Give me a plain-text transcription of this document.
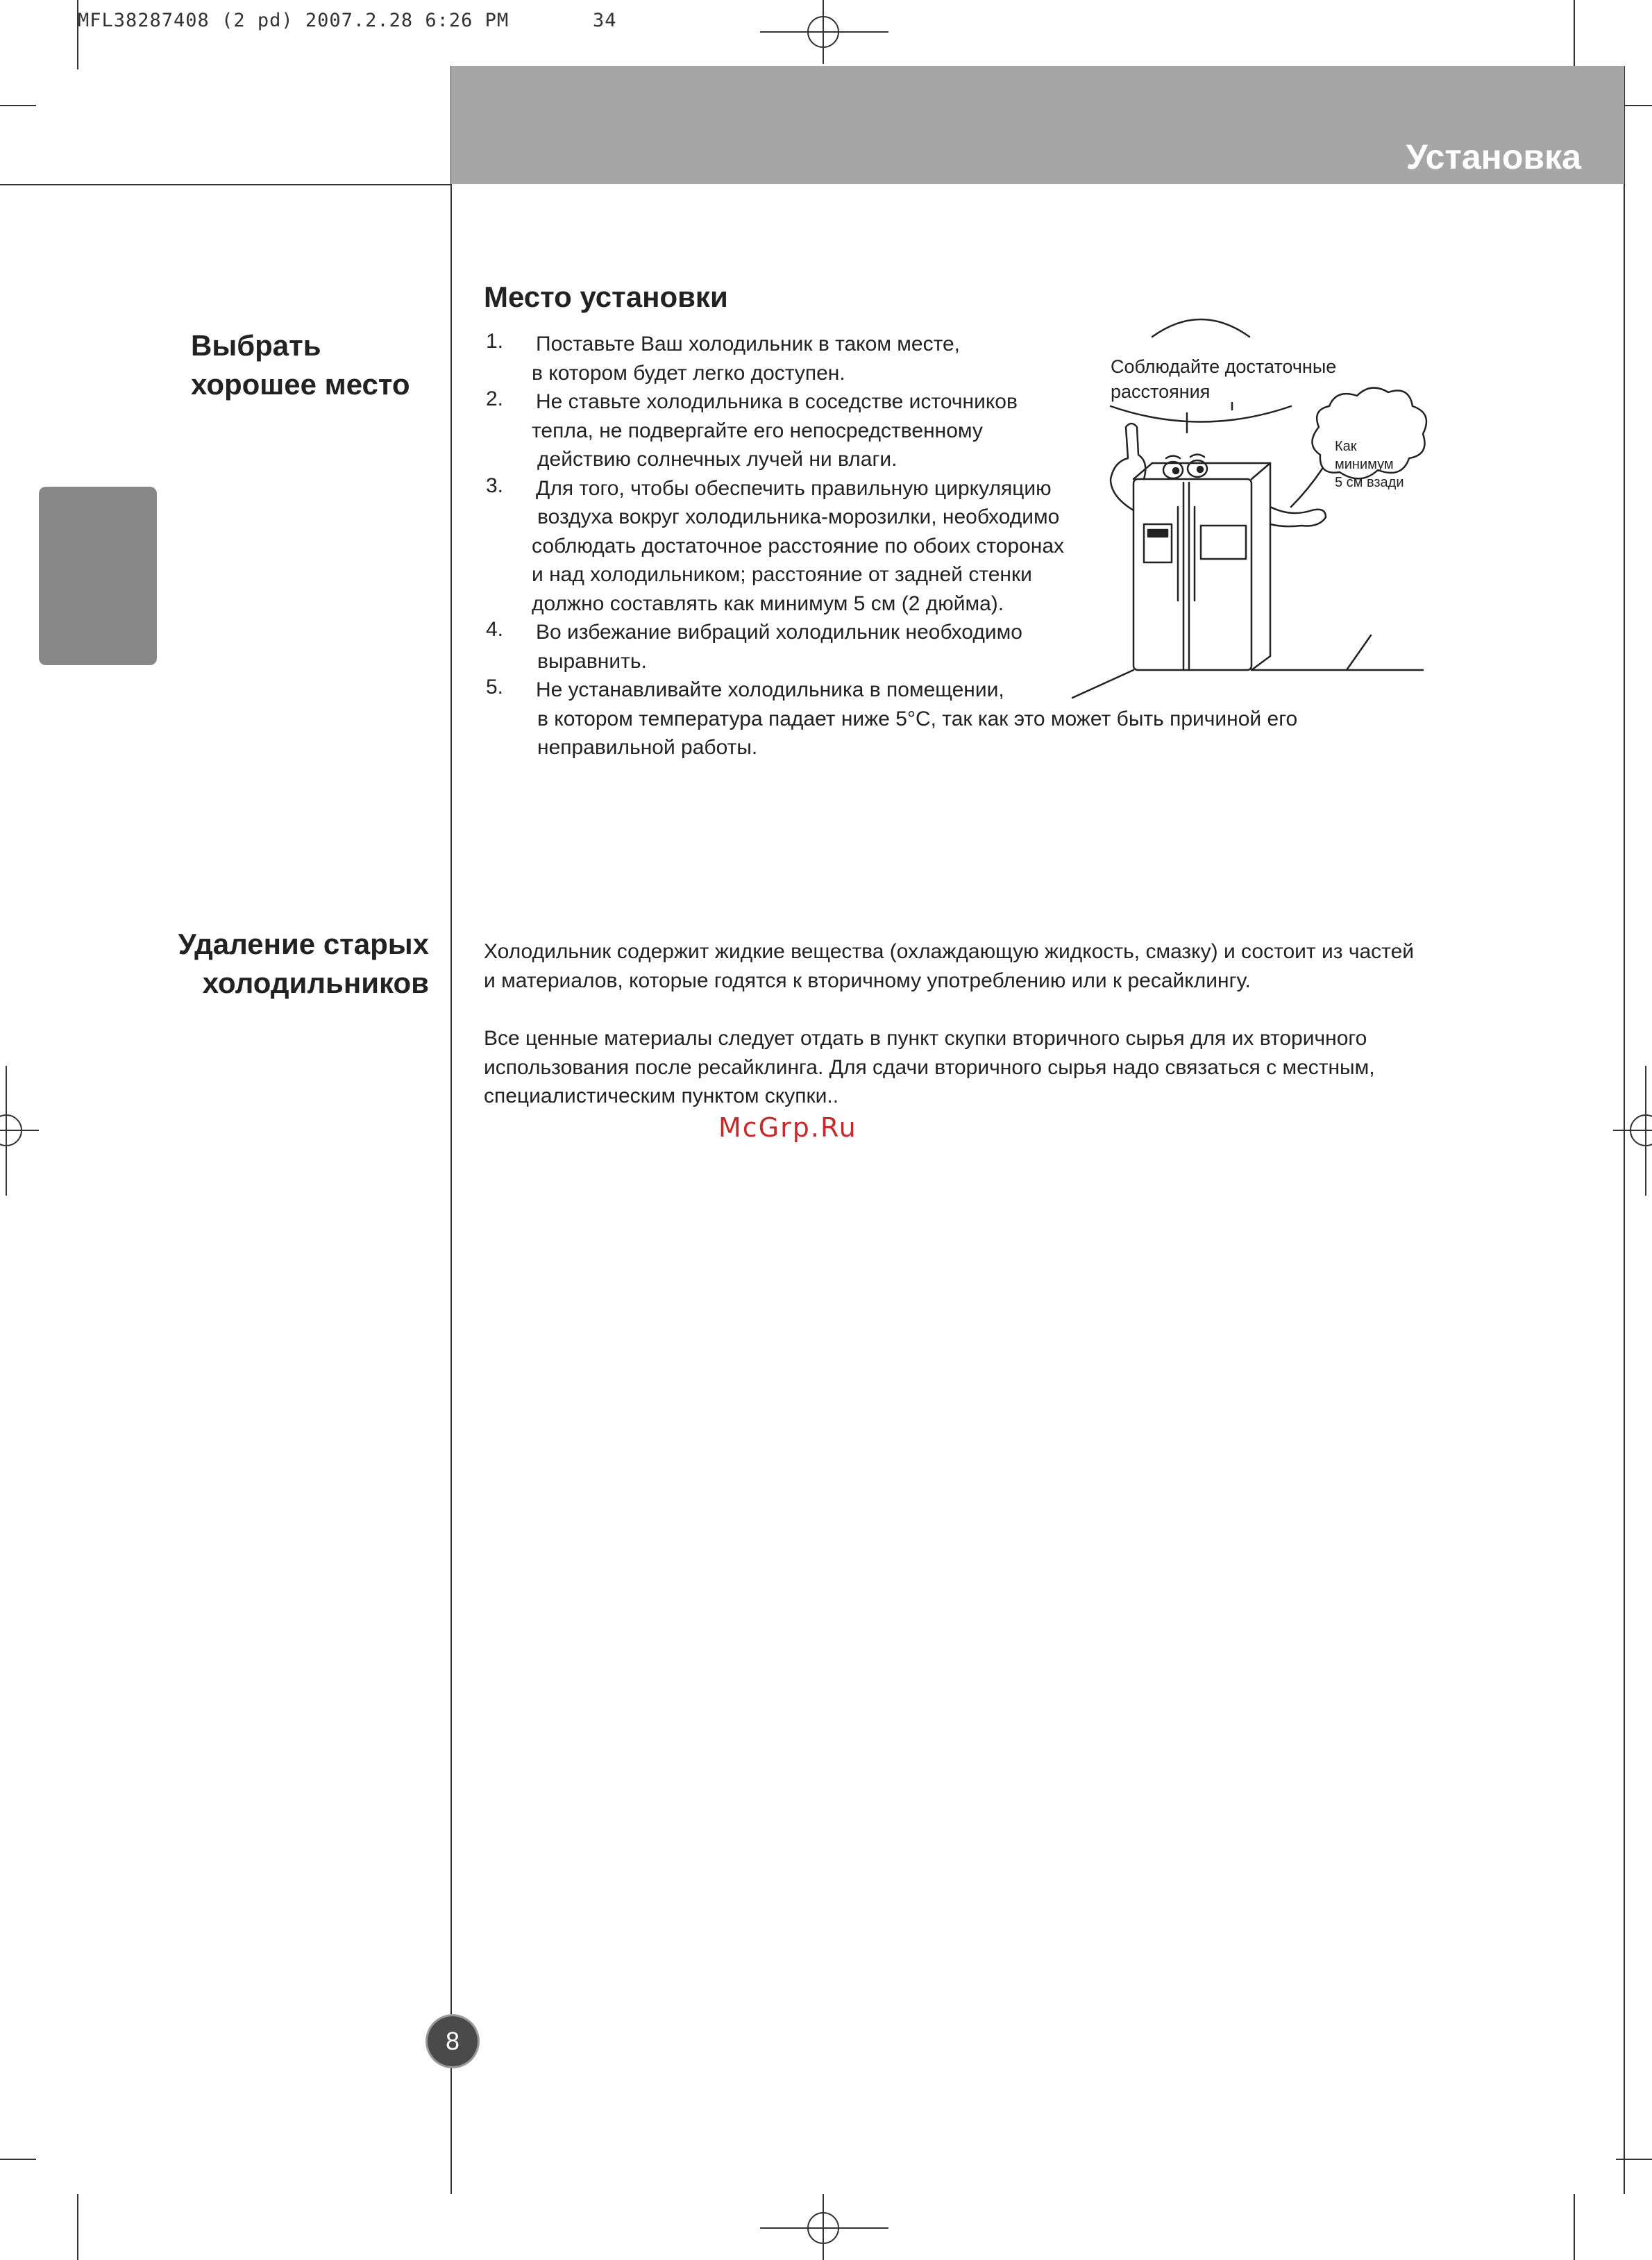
MFL38287408 (2 pd) 2007.2.28 6:26 PM       34
Установка
Выбрать
хорошее место
Удаление старых
холодильников
Место установки
1. Поставьте Ваш холодильник в таком месте,
в котором будет легко доступен.
2. Не ставьте холодильника в соседстве источников
тепла, не подвергайте его непосредственному
действию солнечных лучей ни влаги.
3. Для того, чтобы обеспечить правильную циркуляцию
воздуха вокруг холодильника-морозилки, необходимо
соблюдать достаточное расстояние по обоих сторонах
и над холодильником; расстояние от задней стенки
должно составлять как минимум 5 см (2 дюйма).
4. Во избежание вибраций холодильник необходимо
выравнить.
5. Не устанавливайте холодильника в помещении,
в котором температура падает ниже 5°С, так как это может быть причиной его
неправильной работы.
Соблюдайте достаточные
расстояния
Как
минимум
5 см взади
Холодильник содержит жидкие вещества (охлаждающую жидкость, смазку) и состоит из частей
и материалов, которые годятся к вторичному употреблению или к ресайклингу.
Все ценные материалы следует отдать в пункт скупки вторичного сырья для их вторичного
использования после ресайклинга. Для сдачи вторичного сырья надо связаться с местным,
специалистическим пунктом скупки..
McGrp.Ru
8
